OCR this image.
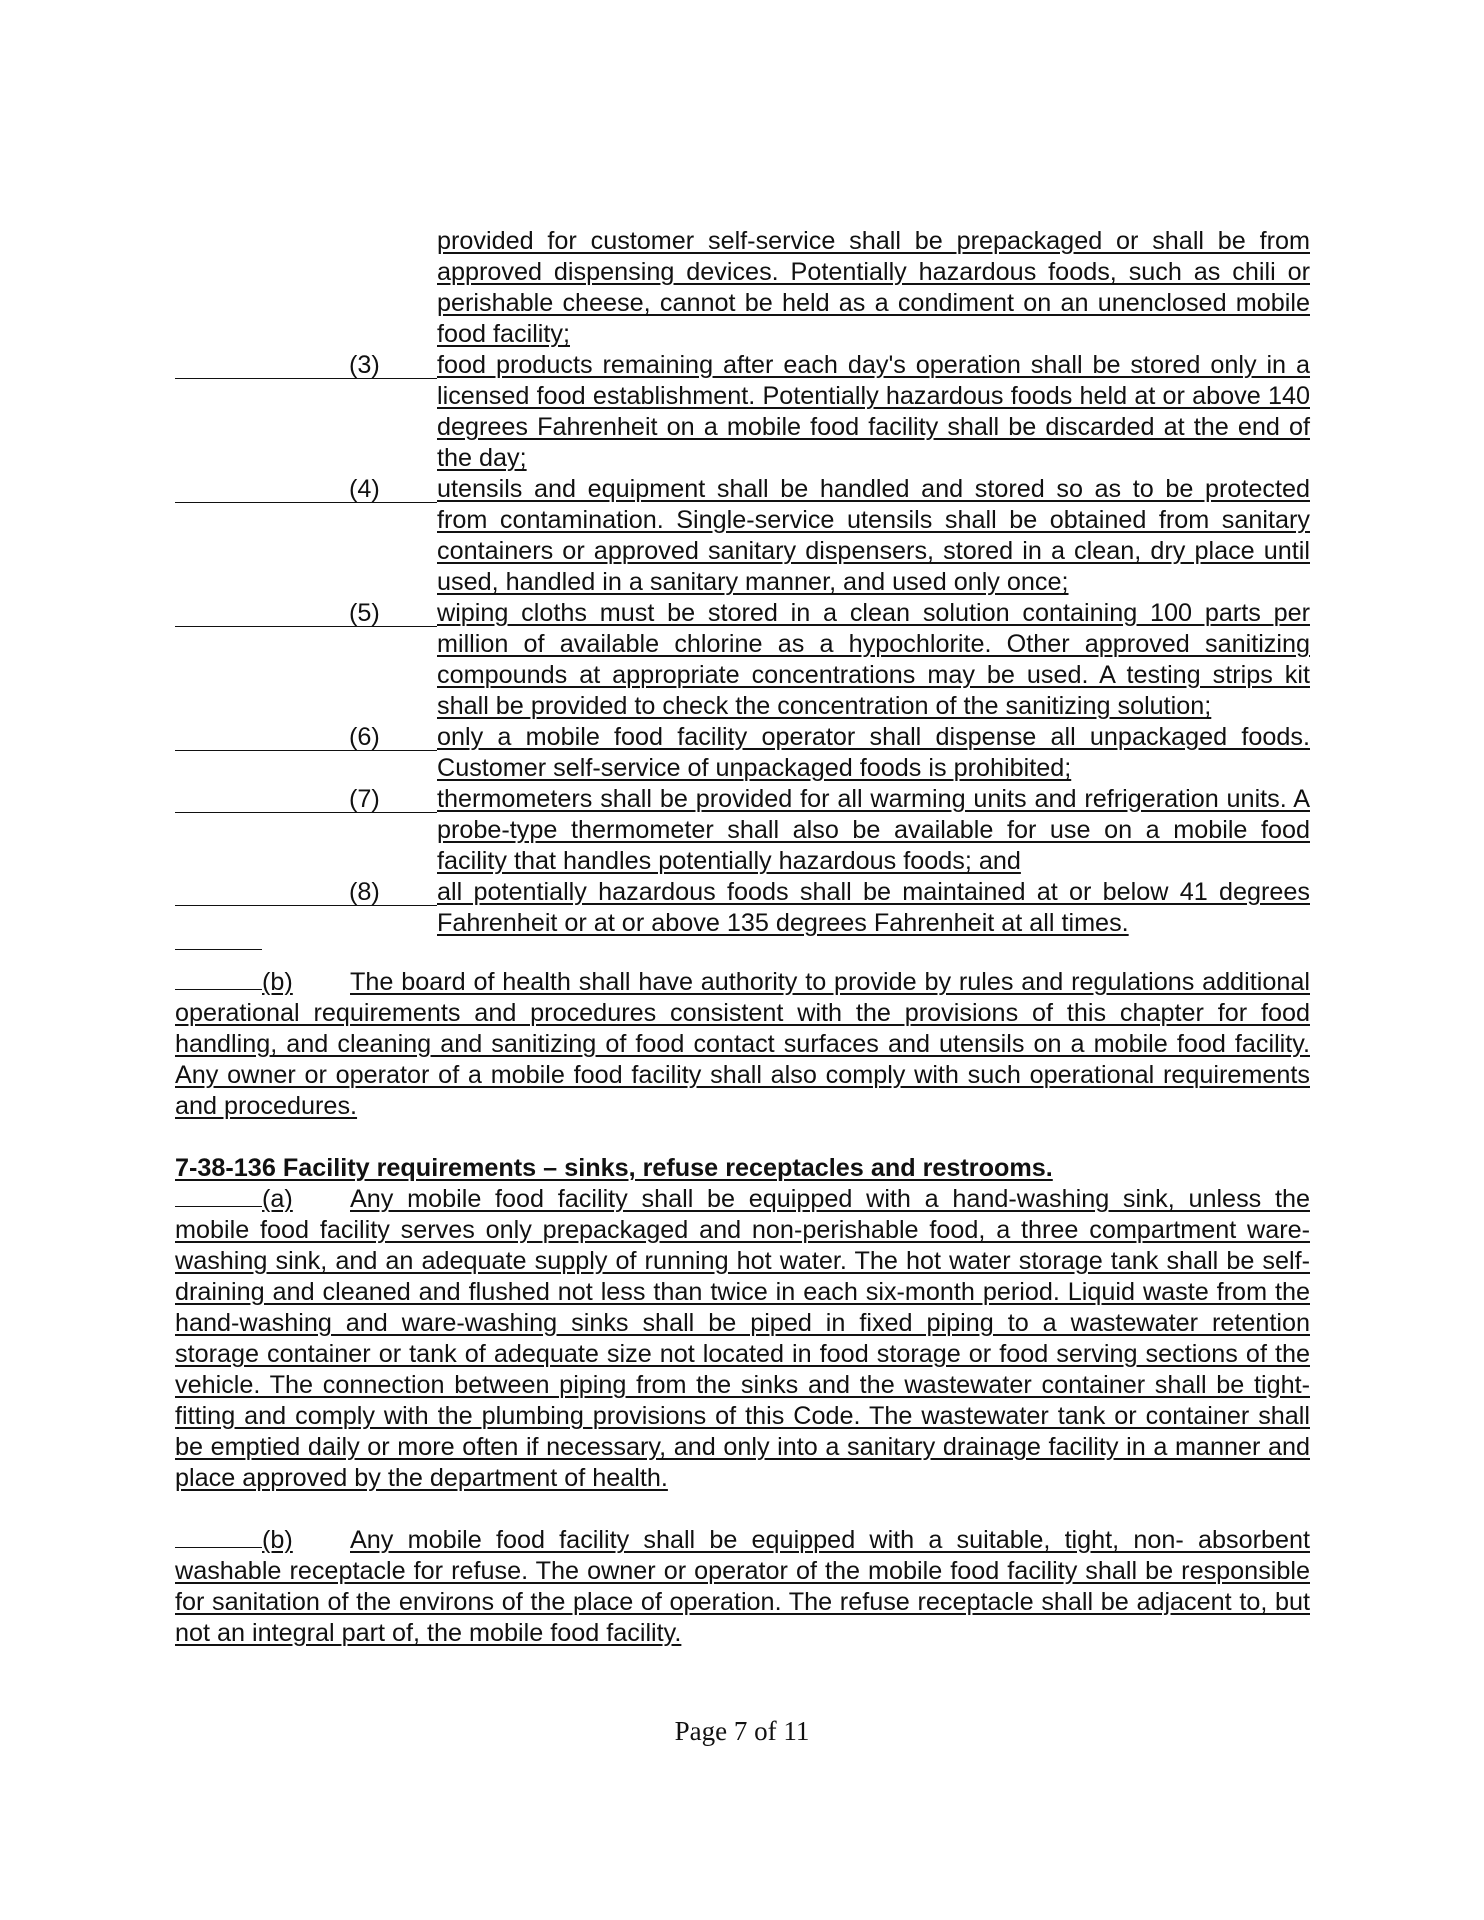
provided for customer self-service shall be prepackaged or shall be from approved dispensing devices. Potentially hazardous foods, such as chili or perishable cheese, cannot be held as a condiment on an unenclosed mobile food facility;
(3) food products remaining after each day's operation shall be stored only in a licensed food establishment. Potentially hazardous foods held at or above 140 degrees Fahrenheit on a mobile food facility shall be discarded at the end of the day;
(4) utensils and equipment shall be handled and stored so as to be protected from contamination. Single-service utensils shall be obtained from sanitary containers or approved sanitary dispensers, stored in a clean, dry place until used, handled in a sanitary manner, and used only once;
(5) wiping cloths must be stored in a clean solution containing 100 parts per million of available chlorine as a hypochlorite. Other approved sanitizing compounds at appropriate concentrations may be used. A testing strips kit shall be provided to check the concentration of the sanitizing solution;
(6) only a mobile food facility operator shall dispense all unpackaged foods. Customer self-service of unpackaged foods is prohibited;
(7) thermometers shall be provided for all warming units and refrigeration units. A probe-type thermometer shall also be available for use on a mobile food facility that handles potentially hazardous foods; and
(8) all potentially hazardous foods shall be maintained at or below 41 degrees Fahrenheit or at or above 135 degrees Fahrenheit at all times.
(b) The board of health shall have authority to provide by rules and regulations additional operational requirements and procedures consistent with the provisions of this chapter for food handling, and cleaning and sanitizing of food contact surfaces and utensils on a mobile food facility. Any owner or operator of a mobile food facility shall also comply with such operational requirements and procedures.
7-38-136 Facility requirements – sinks, refuse receptacles and restrooms.
(a) Any mobile food facility shall be equipped with a hand-washing sink, unless the mobile food facility serves only prepackaged and non-perishable food, a three compartment ware-washing sink, and an adequate supply of running hot water. The hot water storage tank shall be self-draining and cleaned and flushed not less than twice in each six-month period. Liquid waste from the hand-washing and ware-washing sinks shall be piped in fixed piping to a wastewater retention storage container or tank of adequate size not located in food storage or food serving sections of the vehicle. The connection between piping from the sinks and the wastewater container shall be tight-fitting and comply with the plumbing provisions of this Code. The wastewater tank or container shall be emptied daily or more often if necessary, and only into a sanitary drainage facility in a manner and place approved by the department of health.
(b) Any mobile food facility shall be equipped with a suitable, tight, non- absorbent washable receptacle for refuse. The owner or operator of the mobile food facility shall be responsible for sanitation of the environs of the place of operation. The refuse receptacle shall be adjacent to, but not an integral part of, the mobile food facility.
Page 7 of 11
